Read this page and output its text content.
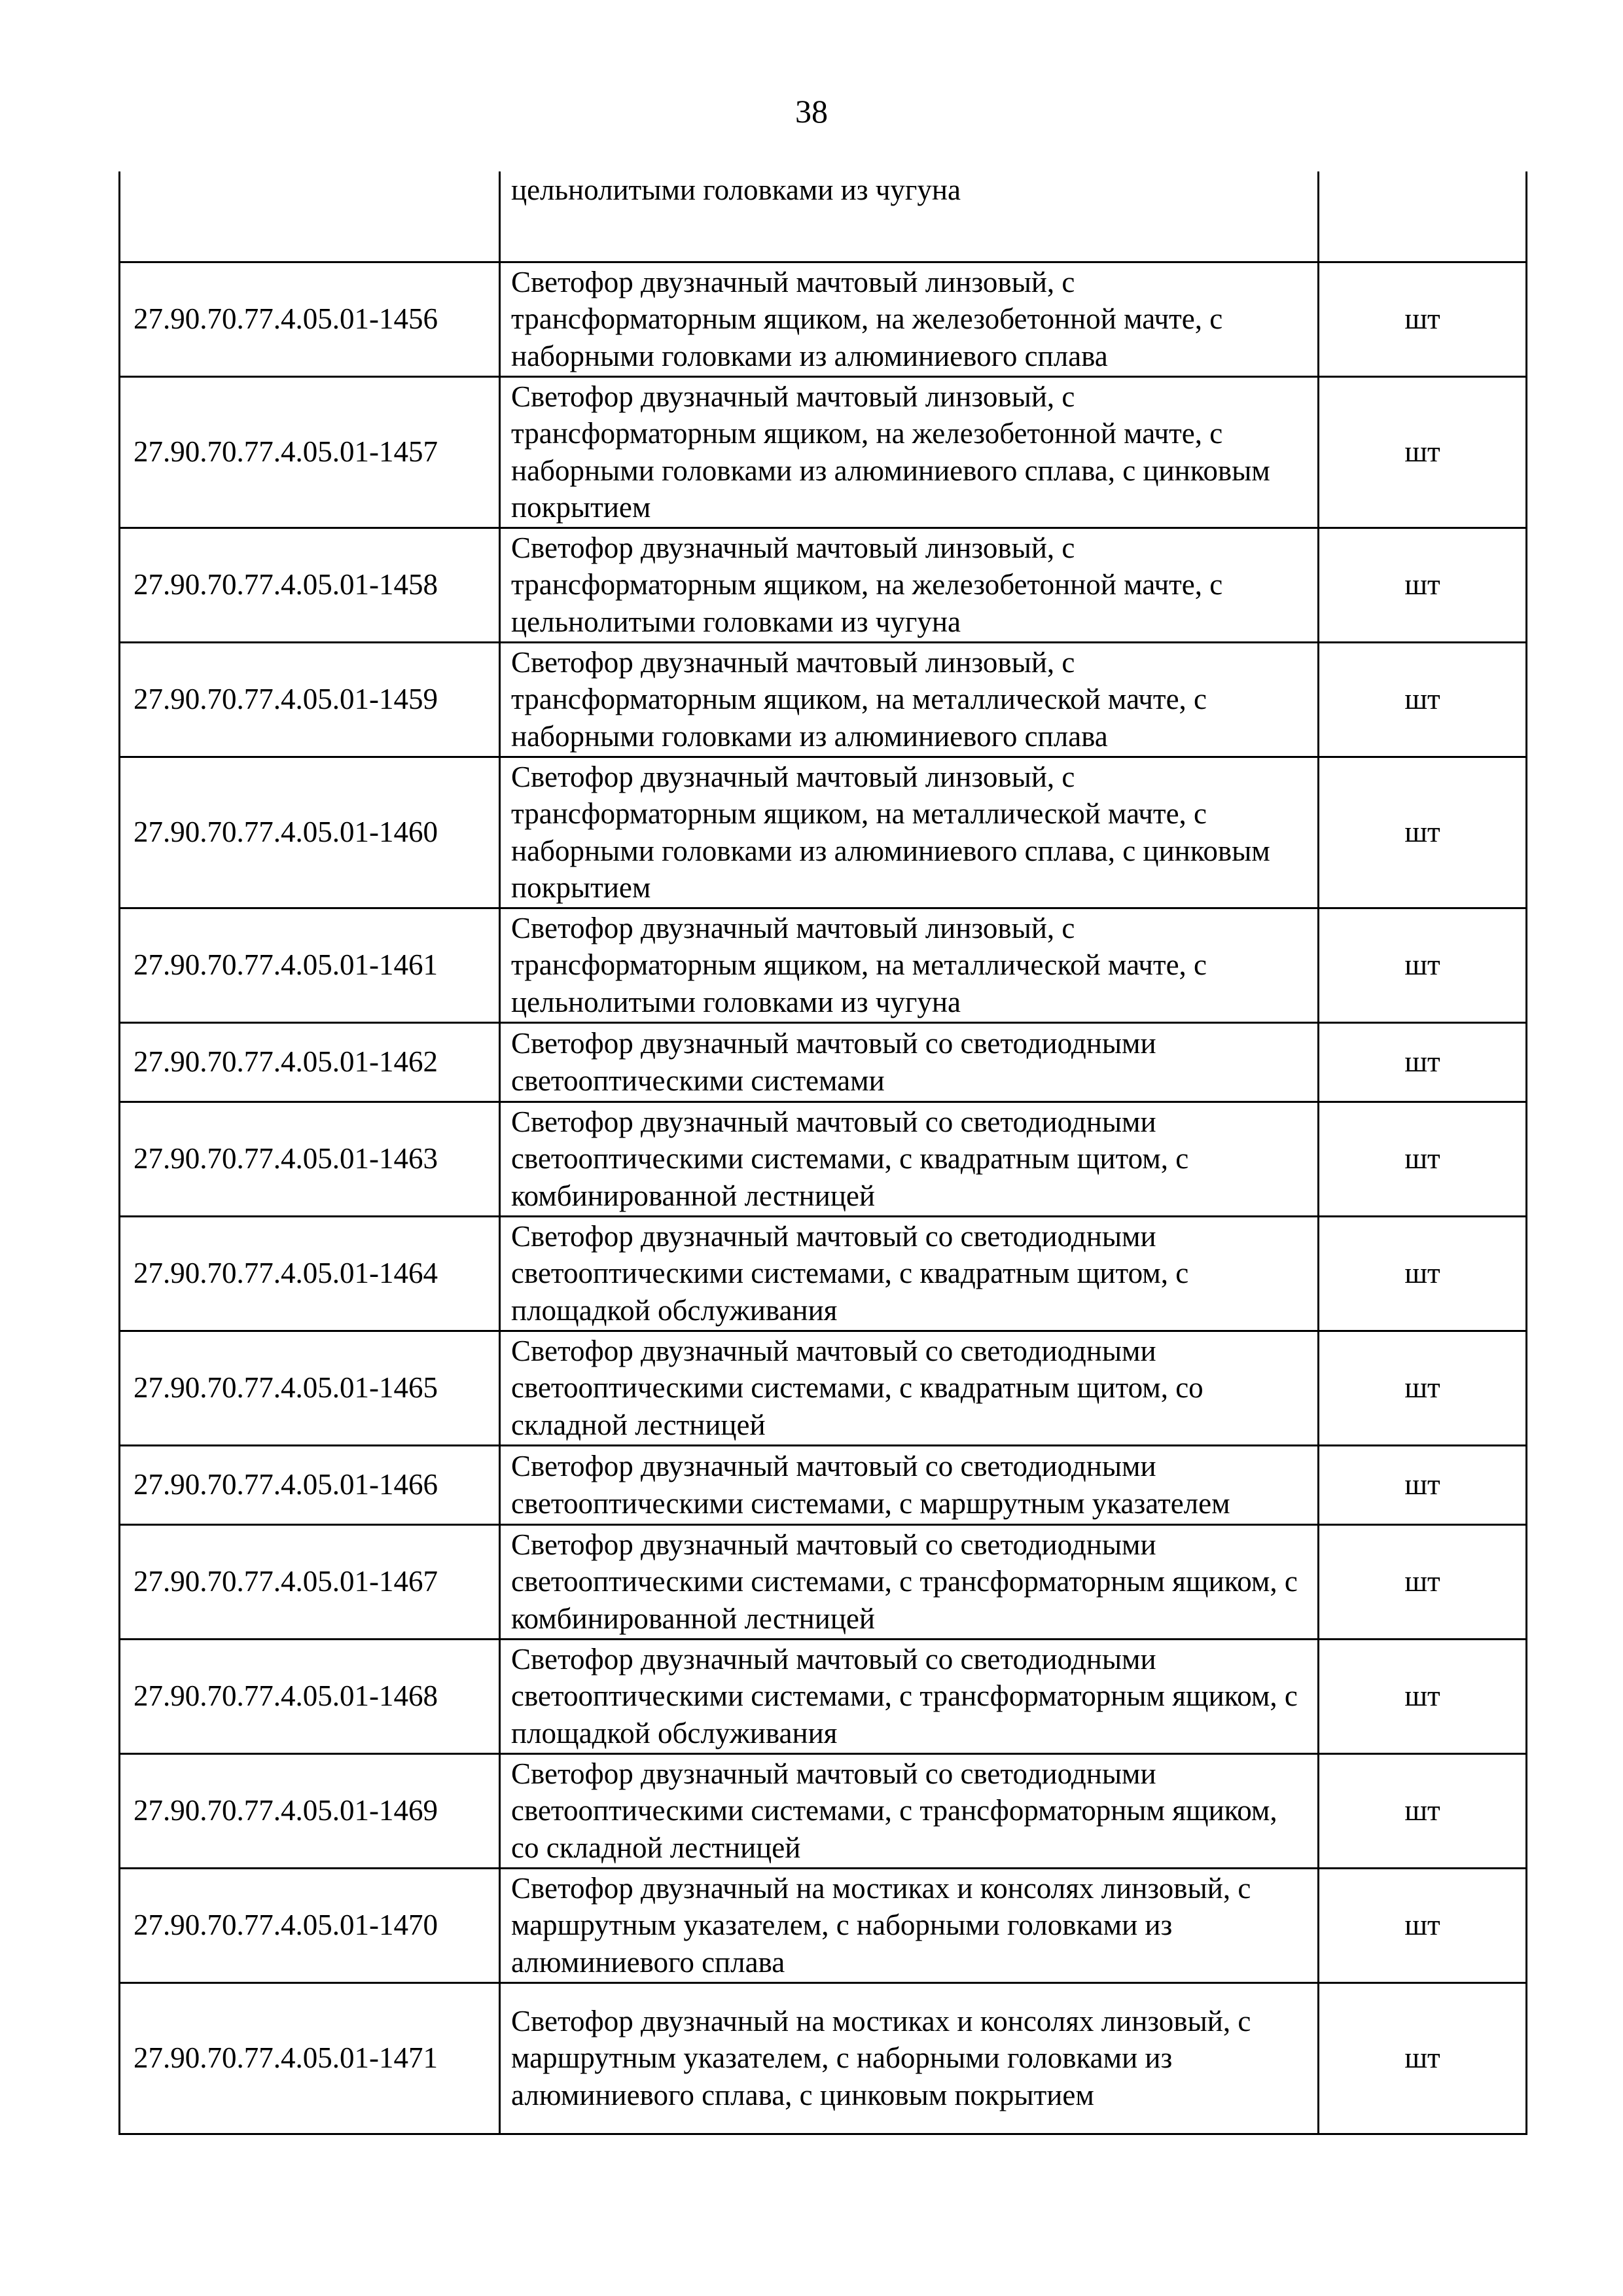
38
	цельнолитыми головками из чугуна	
27.90.70.77.4.05.01-1456	Светофор двузначный мачтовый линзовый, с трансформаторным ящиком, на железобетонной мачте, с наборными головками из алюминиевого сплава	шт
27.90.70.77.4.05.01-1457	Светофор двузначный мачтовый линзовый, с трансформаторным ящиком, на железобетонной мачте, с наборными головками из алюминиевого сплава, с цинковым покрытием	шт
27.90.70.77.4.05.01-1458	Светофор двузначный мачтовый линзовый, с трансформаторным ящиком, на железобетонной мачте, с цельнолитыми головками из чугуна	шт
27.90.70.77.4.05.01-1459	Светофор двузначный мачтовый линзовый, с трансформаторным ящиком, на металлической мачте, с наборными головками из алюминиевого сплава	шт
27.90.70.77.4.05.01-1460	Светофор двузначный мачтовый линзовый, с трансформаторным ящиком, на металлической мачте, с наборными головками из алюминиевого сплава, с цинковым покрытием	шт
27.90.70.77.4.05.01-1461	Светофор двузначный мачтовый линзовый, с трансформаторным ящиком, на металлической мачте, с цельнолитыми головками из чугуна	шт
27.90.70.77.4.05.01-1462	Светофор двузначный мачтовый со светодиодными светооптическими системами	шт
27.90.70.77.4.05.01-1463	Светофор двузначный мачтовый со светодиодными светооптическими системами, с квадратным щитом, с комбинированной лестницей	шт
27.90.70.77.4.05.01-1464	Светофор двузначный мачтовый со светодиодными светооптическими системами, с квадратным щитом, с площадкой обслуживания	шт
27.90.70.77.4.05.01-1465	Светофор двузначный мачтовый со светодиодными светооптическими системами, с квадратным щитом, со складной лестницей	шт
27.90.70.77.4.05.01-1466	Светофор двузначный мачтовый со светодиодными светооптическими системами, с маршрутным указателем	шт
27.90.70.77.4.05.01-1467	Светофор двузначный мачтовый со светодиодными светооптическими системами, с трансформаторным ящиком, с комбинированной лестницей	шт
27.90.70.77.4.05.01-1468	Светофор двузначный мачтовый со светодиодными светооптическими системами, с трансформаторным ящиком, с площадкой обслуживания	шт
27.90.70.77.4.05.01-1469	Светофор двузначный мачтовый со светодиодными светооптическими системами, с трансформаторным ящиком, со складной лестницей	шт
27.90.70.77.4.05.01-1470	Светофор двузначный на мостиках и консолях линзовый, с маршрутным указателем, с наборными головками из алюминиевого сплава	шт
27.90.70.77.4.05.01-1471	Светофор двузначный на мостиках и консолях линзовый, с маршрутным указателем, с наборными головками из алюминиевого сплава, с цинковым покрытием	шт
